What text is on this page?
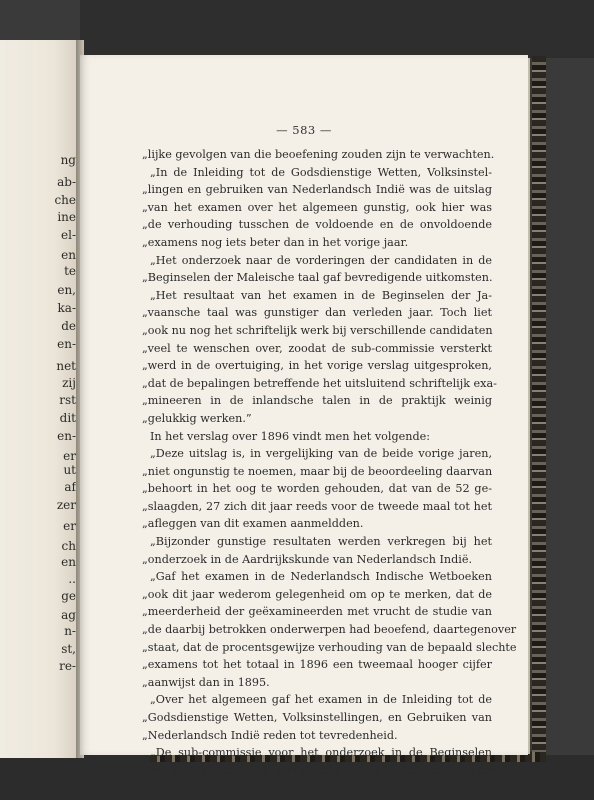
ng
ab-
che
ine
el-
en
te
en,
ka-
de
en-
net
zij
rst
dit
en-
er
ut
af
zer
er
ch
en
..
ge
ag
n-
st,
re-
— 583 —
„lijke gevolgen van die beoefening zouden zijn te verwachten.
„In de Inleiding tot de Godsdienstige Wetten, Volksinstel-
„lingen en gebruiken van Nederlandsch Indië was de uitslag
„van het examen over het algemeen gunstig, ook hier was
„de verhouding tusschen de voldoende en de onvoldoende
„examens nog iets beter dan in het vorige jaar.
„Het onderzoek naar de vorderingen der candidaten in de
„Beginselen der Maleische taal gaf bevredigende uitkomsten.
„Het resultaat van het examen in de Beginselen der Ja-
„vaansche taal was gunstiger dan verleden jaar. Toch liet
„ook nu nog het schriftelijk werk bij verschillende candidaten
„veel te wenschen over, zoodat de sub-commissie versterkt
„werd in de overtuiging, in het vorige verslag uitgesproken,
„dat de bepalingen betreffende het uitsluitend schriftelijk exa-
„mineeren in de inlandsche talen in de praktijk weinig
„gelukkig werken.”
In het verslag over 1896 vindt men het volgende:
„Deze uitslag is, in vergelijking van de beide vorige jaren,
„niet ongunstig te noemen, maar bij de beoordeeling daarvan
„behoort in het oog te worden gehouden, dat van de 52 ge-
„slaagden, 27 zich dit jaar reeds voor de tweede maal tot het
„afleggen van dit examen aanmeldden.
„Bijzonder gunstige resultaten werden verkregen bij het
„onderzoek in de Aardrijkskunde van Nederlandsch Indië.
„Gaf het examen in de Nederlandsch Indische Wetboeken
„ook dit jaar wederom gelegenheid om op te merken, dat de
„meerderheid der geëxamineerden met vrucht de studie van
„de daarbij betrokken onderwerpen had beoefend, daartegenover
„staat, dat de procentsgewijze verhouding van de bepaald slechte
„examens tot het totaal in 1896 een tweemaal hooger cijfer
„aanwijst dan in 1895.
„Over het algemeen gaf het examen in de Inleiding tot de
„Godsdienstige Wetten, Volksinstellingen, en Gebruiken van
„Nederlandsch Indië reden tot tevredenheid.
„De sub-commissie voor het onderzoek in de Beginselen
„van de Maleische taal was slechts enkele malen verplicht een
